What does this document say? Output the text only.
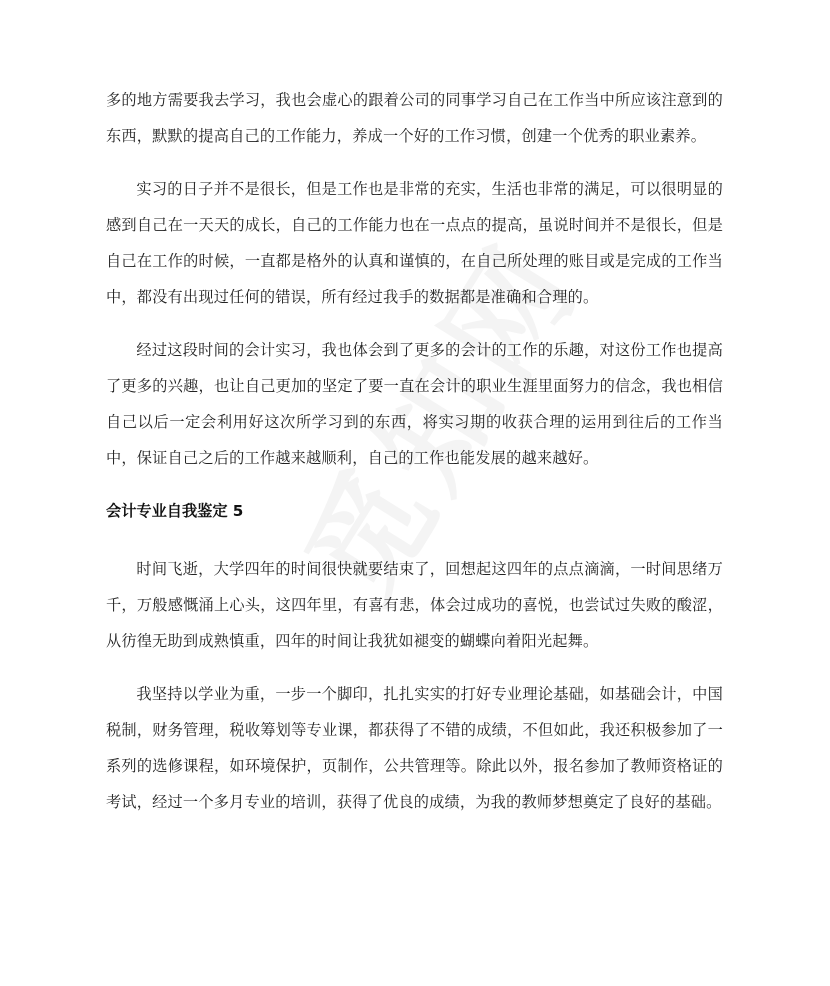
多的地方需要我去学习，我也会虚心的跟着公司的同事学习自己在工作当中所应该注意到的东西，默默的提高自己的工作能力，养成一个好的工作习惯，创建一个优秀的职业素养。

实习的日子并不是很长，但是工作也是非常的充实，生活也非常的满足，可以很明显的感到自己在一天天的成长，自己的工作能力也在一点点的提高，虽说时间并不是很长，但是自己在工作的时候，一直都是格外的认真和谨慎的，在自己所处理的账目或是完成的工作当中，都没有出现过任何的错误，所有经过我手的数据都是准确和合理的。

经过这段时间的会计实习，我也体会到了更多的会计的工作的乐趣，对这份工作也提高了更多的兴趣，也让自己更加的坚定了要一直在会计的职业生涯里面努力的信念，我也相信自己以后一定会利用好这次所学习到的东西，将实习期的收获合理的运用到往后的工作当中，保证自己之后的工作越来越顺利，自己的工作也能发展的越来越好。

会计专业自我鉴定 5

时间飞逝，大学四年的时间很快就要结束了，回想起这四年的点点滴滴，一时间思绪万千，万般感慨涌上心头，这四年里，有喜有悲，体会过成功的喜悦，也尝试过失败的酸涩，从彷徨无助到成熟慎重，四年的时间让我犹如褪变的蝴蝶向着阳光起舞。

我坚持以学业为重，一步一个脚印，扎扎实实的打好专业理论基础，如基础会计，中国税制，财务管理，税收筹划等专业课，都获得了不错的成绩，不但如此，我还积极参加了一系列的选修课程，如环境保护，页制作，公共管理等。除此以外，报名参加了教师资格证的考试，经过一个多月专业的培训，获得了优良的成绩，为我的教师梦想奠定了良好的基础。
